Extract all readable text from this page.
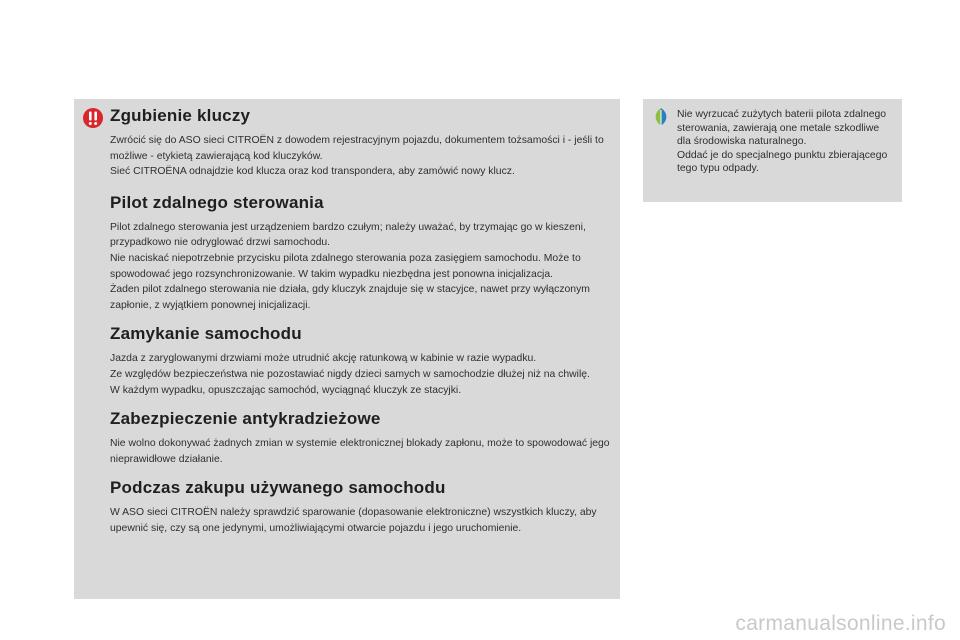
Zgubienie kluczy

Zwrócić się do ASO sieci CITROËN z dowodem rejestracyjnym pojazdu, dokumentem tożsamości i - jeśli to możliwe - etykietą zawierającą kod kluczyków.

Sieć CITROËNA odnajdzie kod klucza oraz kod transpondera, aby zamówić nowy klucz.

Pilot zdalnego sterowania

Pilot zdalnego sterowania jest urządzeniem bardzo czułym; należy uważać, by trzymając go w kieszeni, przypadkowo nie odryglować drzwi samochodu.

Nie naciskać niepotrzebnie przycisku pilota zdalnego sterowania poza zasięgiem samochodu. Może to spowodować jego rozsynchronizowanie. W takim wypadku niezbędna jest ponowna inicjalizacja.

Żaden pilot zdalnego sterowania nie działa, gdy kluczyk znajduje się w stacyjce, nawet przy wyłączonym zapłonie, z wyjątkiem ponownej inicjalizacji.

Zamykanie samochodu

Jazda z zaryglowanymi drzwiami może utrudnić akcję ratunkową w kabinie w razie wypadku.

Ze względów bezpieczeństwa nie pozostawiać nigdy dzieci samych w samochodzie dłużej niż na chwilę.

W każdym wypadku, opuszczając samochód, wyciągnąć kluczyk ze stacyjki.

Zabezpieczenie antykradzieżowe

Nie wolno dokonywać żadnych zmian w systemie elektronicznej blokady zapłonu, może to spowodować jego nieprawidłowe działanie.

Podczas zakupu używanego samochodu

W ASO sieci CITROËN należy sprawdzić sparowanie (dopasowanie elektroniczne) wszystkich kluczy, aby upewnić się, czy są one jedynymi, umożliwiającymi otwarcie pojazdu i jego uruchomienie.

Nie wyrzucać zużytych baterii pilota zdalnego sterowania, zawierają one metale szkodliwe dla środowiska naturalnego.

Oddać je do specjalnego punktu zbierającego tego typu odpady.

carmanualsonline.info
